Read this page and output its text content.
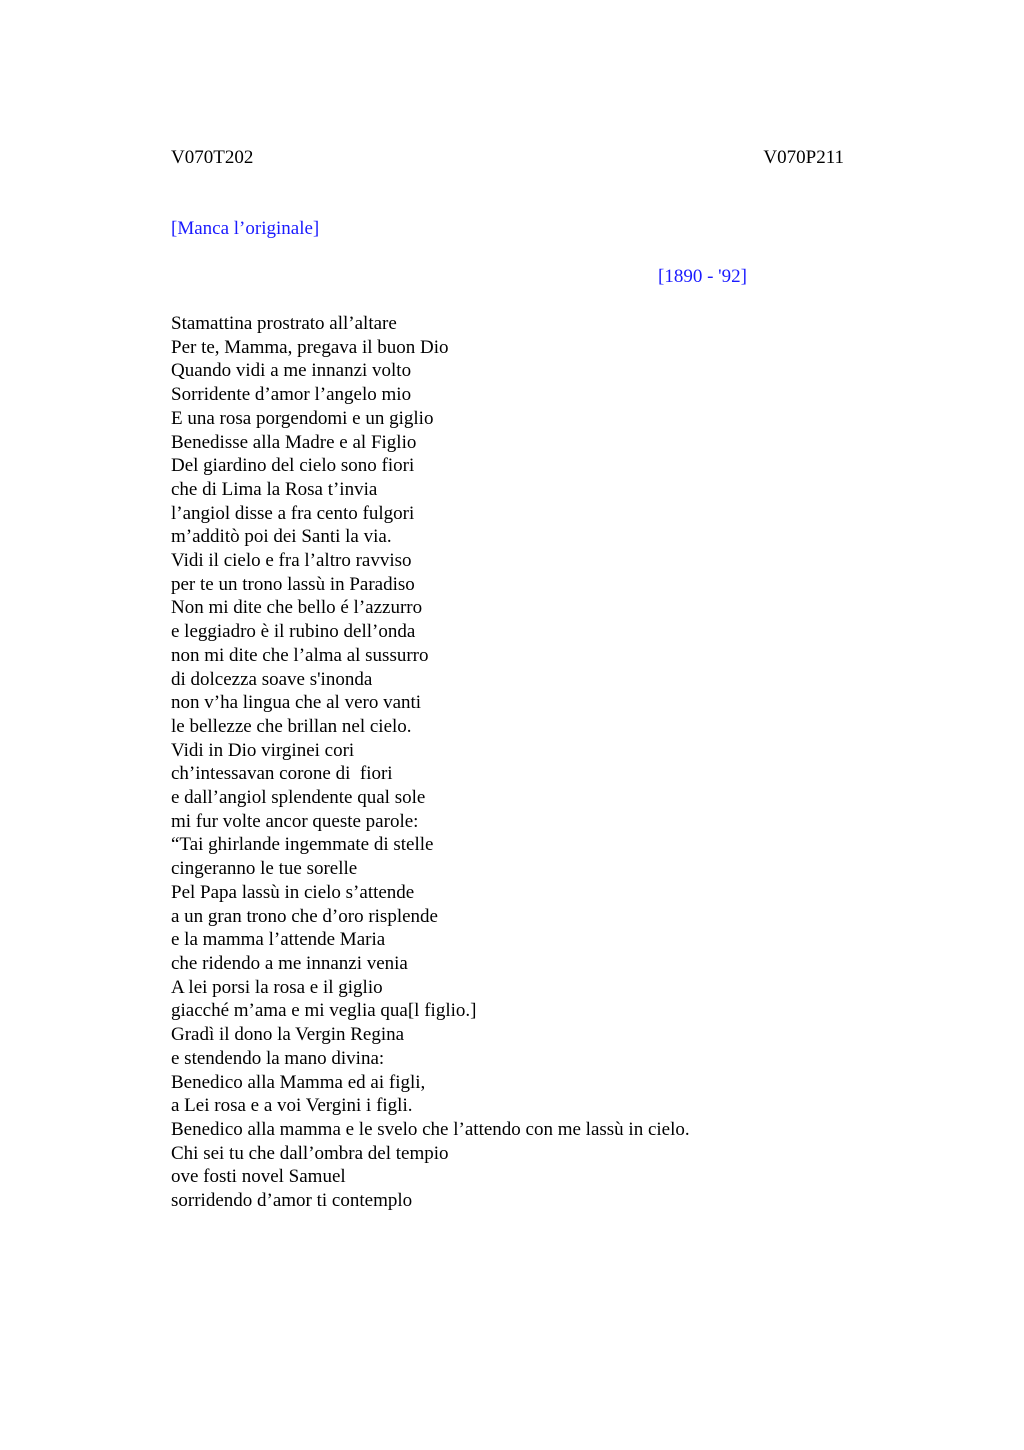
V070T202	V070P211
[Manca l’originale]
[1890 - '92]
Stamattina prostrato all’altare
Per te, Mamma, pregava il buon Dio
Quando vidi a me innanzi volto
Sorridente d’amor l’angelo mio
E una rosa porgendomi e un giglio
Benedisse alla Madre e al Figlio
Del giardino del cielo sono fiori
che di Lima la Rosa t’invia
l’angiol disse a fra cento fulgori
m’additò poi dei Santi la via.
Vidi il cielo e fra l’altro ravviso
per te un trono lassù in Paradiso
Non mi dite che bello é l’azzurro
e leggiadro è il rubino dell’onda
non mi dite che l’alma al sussurro
di dolcezza soave s'inonda
non v’ha lingua che al vero vanti
le bellezze che brillan nel cielo.
Vidi in Dio virginei cori
ch’intessavan corone di  fiori
e dall’angiol splendente qual sole
mi fur volte ancor queste parole:
“Tai ghirlande ingemmate di stelle
cingeranno le tue sorelle
Pel Papa lassù in cielo s’attende
a un gran trono che d’oro risplende
e la mamma l’attende Maria
che ridendo a me innanzi venia
A lei porsi la rosa e il giglio
giacché m’ama e mi veglia qua[l figlio.]
Gradì il dono la Vergin Regina
e stendendo la mano divina:
Benedico alla Mamma ed ai figli,
a Lei rosa e a voi Vergini i figli.
Benedico alla mamma e le svelo che l’attendo con me lassù in cielo.
Chi sei tu che dall’ombra del tempio
ove fosti novel Samuel
sorridendo d’amor ti contemplo
